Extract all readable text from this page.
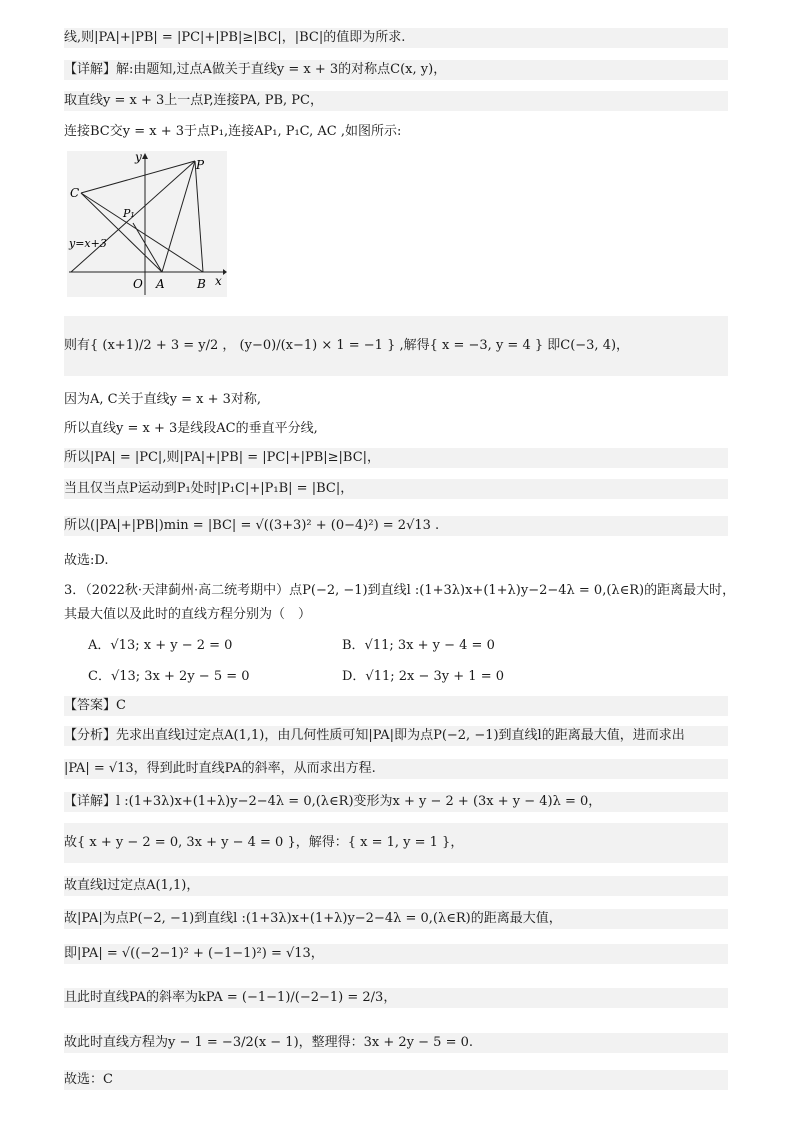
线,则|PA|+|PB| = |PC|+|PB|≥|BC|，|BC|的值即为所求.
【详解】解:由题知,过点A做关于直线y = x + 3的对称点C(x, y)，
取直线y = x + 3上一点P,连接PA, PB, PC，
连接BC交y = x + 3于点P₁,连接AP₁, P₁C, AC ,如图所示:
y
P
C
P₁
y=x+3
O A	B x
则有{ (x+1)/2 + 3 = y/2 ， (y−0)/(x−1) × 1 = −1 } ,解得{ x = −3, y = 4 } 即C(−3, 4)，
因为A, C关于直线y = x + 3对称,
所以直线y = x + 3是线段AC的垂直平分线,
所以|PA| = |PC|,则|PA|+|PB| = |PC|+|PB|≥|BC|，
当且仅当点P运动到P₁处时|P₁C|+|P₁B| = |BC|，
所以(|PA|+|PB|)min = |BC| = √((3+3)² + (0−4)²) = 2√13 .
故选:D.
3．（2022秋·天津蓟州·高二统考期中）点P(−2, −1)到直线l :(1+3λ)x+(1+λ)y−2−4λ = 0,(λ∈R)的距离最大时，
其最大值以及此时的直线方程分别为（　）
A．√13; x + y − 2 = 0	B．√11; 3x + y − 4 = 0
C．√13; 3x + 2y − 5 = 0	D．√11; 2x − 3y + 1 = 0
【答案】C
【分析】先求出直线l过定点A(1,1)，由几何性质可知|PA|即为点P(−2, −1)到直线l的距离最大值，进而求出
|PA| = √13，得到此时直线PA的斜率，从而求出方程.
【详解】l :(1+3λ)x+(1+λ)y−2−4λ = 0,(λ∈R)变形为x + y − 2 + (3x + y − 4)λ = 0，
故{ x + y − 2 = 0, 3x + y − 4 = 0 }，解得：{ x = 1, y = 1 }，
故直线l过定点A(1,1)，
故|PA|为点P(−2, −1)到直线l :(1+3λ)x+(1+λ)y−2−4λ = 0,(λ∈R)的距离最大值，
即|PA| = √((−2−1)² + (−1−1)²) = √13，
且此时直线PA的斜率为kPA = (−1−1)/(−2−1) = 2/3，
故此时直线方程为y − 1 = −3/2(x − 1)，整理得：3x + 2y − 5 = 0.
故选：C
